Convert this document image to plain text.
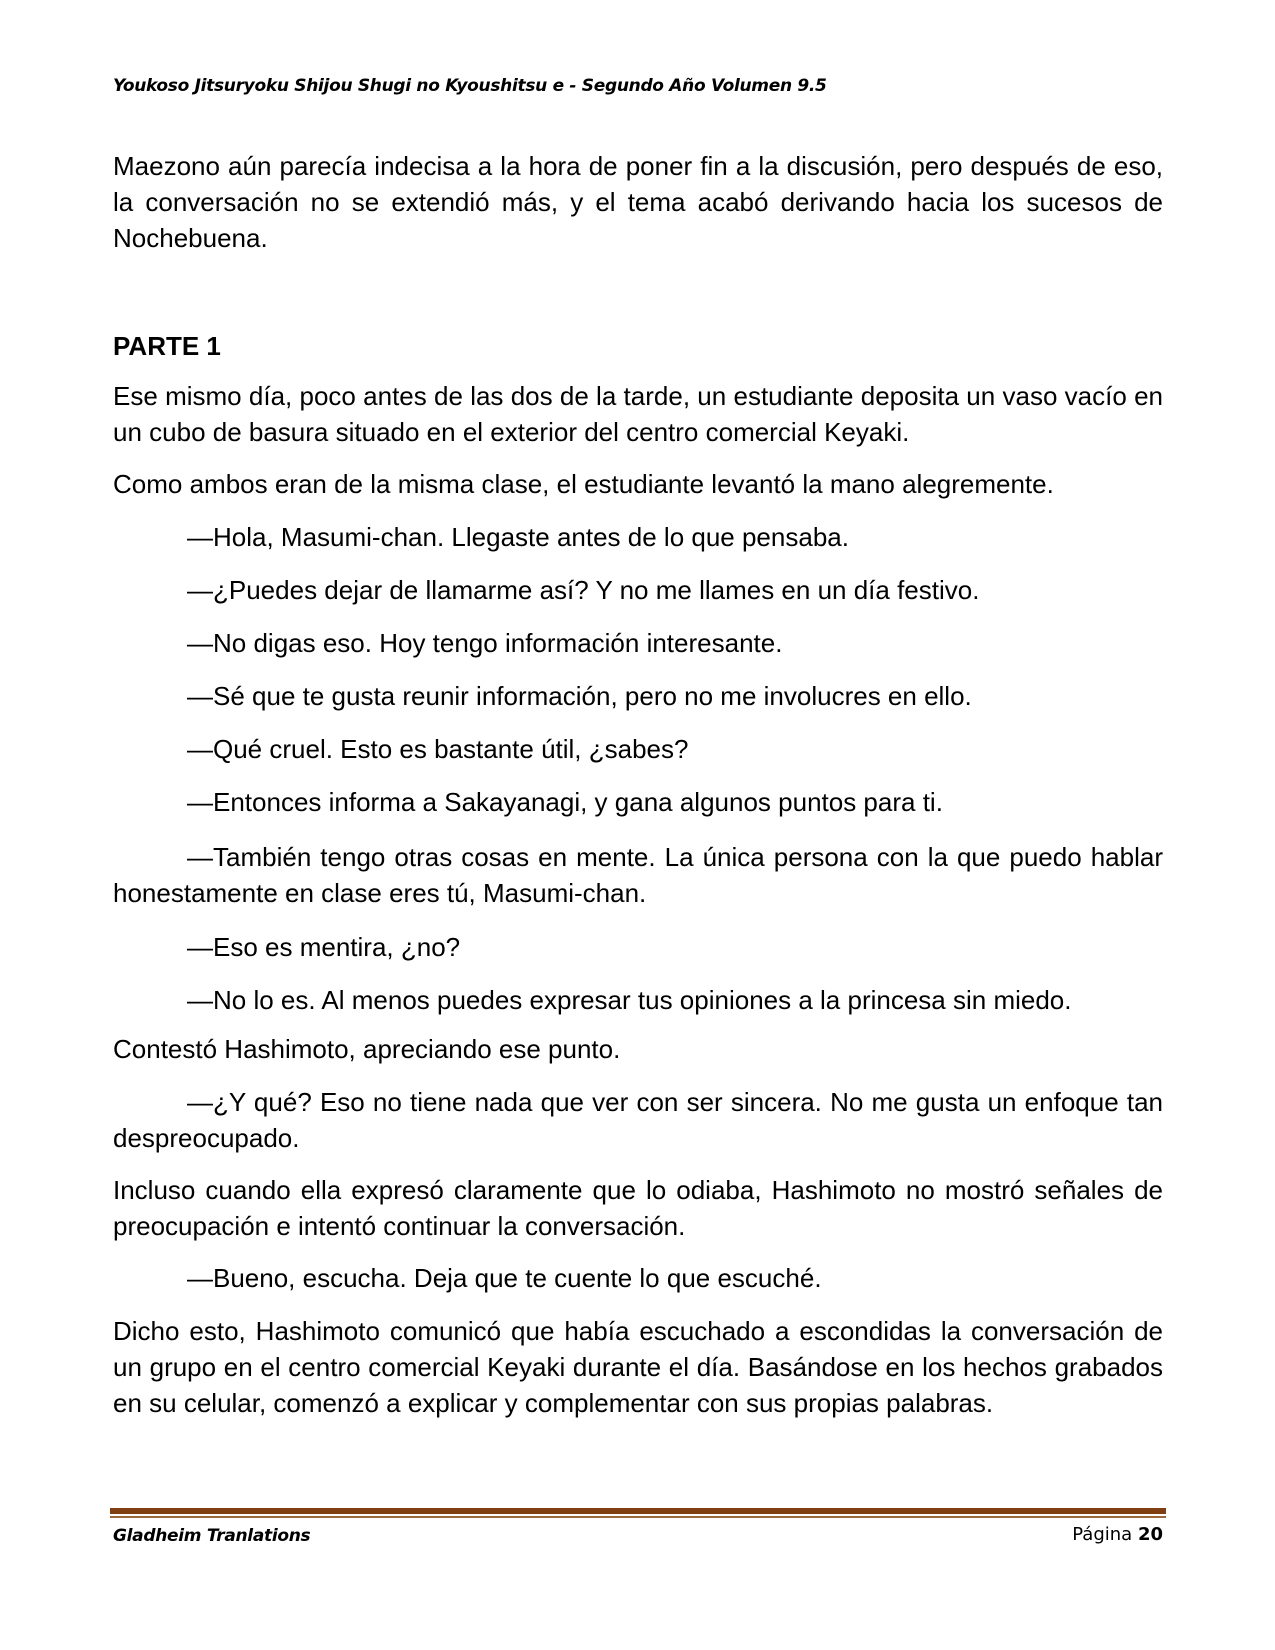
Youkoso Jitsuryoku Shijou Shugi no Kyoushitsu e - Segundo Año Volumen 9.5

Maezono aún parecía indecisa a la hora de poner fin a la discusión, pero después de eso, la conversación no se extendió más, y el tema acabó derivando hacia los sucesos de Nochebuena.

PARTE 1

Ese mismo día, poco antes de las dos de la tarde, un estudiante deposita un vaso vacío en un cubo de basura situado en el exterior del centro comercial Keyaki.

Como ambos eran de la misma clase, el estudiante levantó la mano alegremente.

—Hola, Masumi-chan. Llegaste antes de lo que pensaba.

—¿Puedes dejar de llamarme así? Y no me llames en un día festivo.

—No digas eso. Hoy tengo información interesante.

—Sé que te gusta reunir información, pero no me involucres en ello.

—Qué cruel. Esto es bastante útil, ¿sabes?

—Entonces informa a Sakayanagi, y gana algunos puntos para ti.

—También tengo otras cosas en mente. La única persona con la que puedo hablar honestamente en clase eres tú, Masumi-chan.

—Eso es mentira, ¿no?

—No lo es. Al menos puedes expresar tus opiniones a la princesa sin miedo.

Contestó Hashimoto, apreciando ese punto.

—¿Y qué? Eso no tiene nada que ver con ser sincera. No me gusta un enfoque tan despreocupado.

Incluso cuando ella expresó claramente que lo odiaba, Hashimoto no mostró señales de preocupación e intentó continuar la conversación.

—Bueno, escucha. Deja que te cuente lo que escuché.

Dicho esto, Hashimoto comunicó que había escuchado a escondidas la conversación de un grupo en el centro comercial Keyaki durante el día. Basándose en los hechos grabados en su celular, comenzó a explicar y complementar con sus propias palabras.

Gladheim Tranlations	Página 20
